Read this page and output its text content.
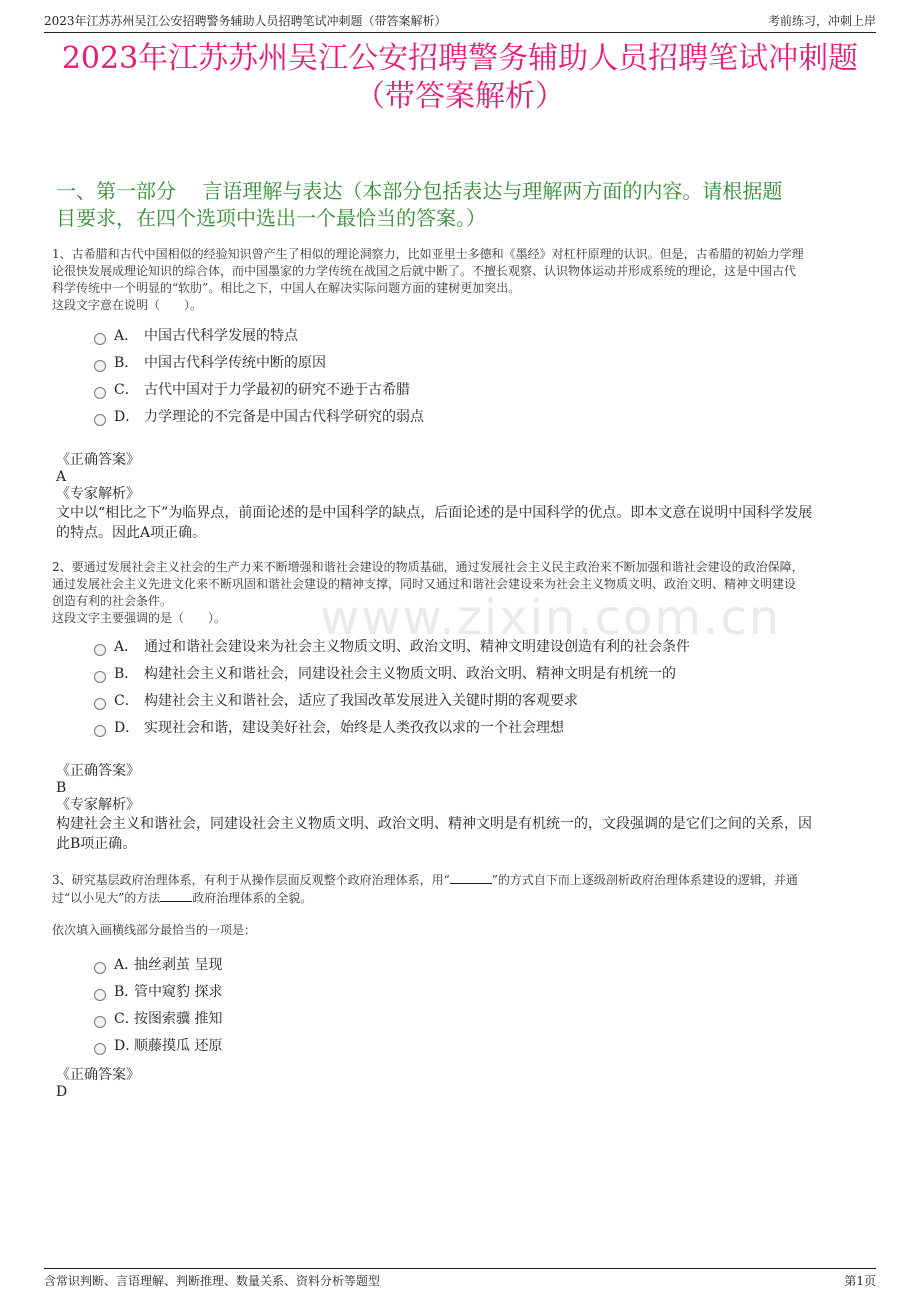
2023年江苏苏州吴江公安招聘警务辅助人员招聘笔试冲刺题（带答案解析）	考前练习，冲刺上岸
2023年江苏苏州吴江公安招聘警务辅助人员招聘笔试冲刺题
（带答案解析）
一、第一部分　 言语理解与表达（本部分包括表达与理解两方面的内容。请根据题
目要求，在四个选项中选出一个最恰当的答案。）
www.zixin.com.cn
1、古希腊和古代中国相似的经验知识曾产生了相似的理论洞察力，比如亚里士多德和《墨经》对杠杆原理的认识。但是，古希腊的初始力学理
论很快发展成理论知识的综合体，而中国墨家的力学传统在战国之后就中断了。不擅长观察、认识物体运动并形成系统的理论，这是中国古代
科学传统中一个明显的“软肋”。相比之下，中国人在解决实际问题方面的建树更加突出。
这段文字意在说明（　　）。
A． 中国古代科学发展的特点
B． 中国古代科学传统中断的原因
C． 古代中国对于力学最初的研究不逊于古希腊
D． 力学理论的不完备是中国古代科学研究的弱点
《正确答案》
A
《专家解析》
文中以“相比之下”为临界点，前面论述的是中国科学的缺点，后面论述的是中国科学的优点。即本文意在说明中国科学发展
的特点。因此A项正确。
2、要通过发展社会主义社会的生产力来不断增强和谐社会建设的物质基础，通过发展社会主义民主政治来不断加强和谐社会建设的政治保障，
通过发展社会主义先进文化来不断巩固和谐社会建设的精神支撑，同时又通过和谐社会建设来为社会主义物质文明、政治文明、精神文明建设
创造有利的社会条件。
这段文字主要强调的是（　　）。
A． 通过和谐社会建设来为社会主义物质文明、政治文明、精神文明建设创造有利的社会条件
B． 构建社会主义和谐社会，同建设社会主义物质文明、政治文明、精神文明是有机统一的
C． 构建社会主义和谐社会，适应了我国改革发展进入关键时期的客观要求
D． 实现社会和谐，建设美好社会，始终是人类孜孜以求的一个社会理想
《正确答案》
B
《专家解析》
构建社会主义和谐社会，同建设社会主义物质文明、政治文明、精神文明是有机统一的，文段强调的是它们之间的关系，因
此B项正确。
3、研究基层政府治理体系，有利于从操作层面反观整个政府治理体系，用“	”的方式自下而上逐级剖析政府治理体系建设的逻辑，并通
过“以小见大”的方法	政府治理体系的全貌。
依次填入画横线部分最恰当的一项是：
A．
抽丝剥茧 呈现
B．
管中窥豹 探求
C．
按图索骥 推知
D．
顺藤摸瓜 还原
《正确答案》
D
含常识判断、言语理解、判断推理、数量关系、资料分析等题型	第1页
